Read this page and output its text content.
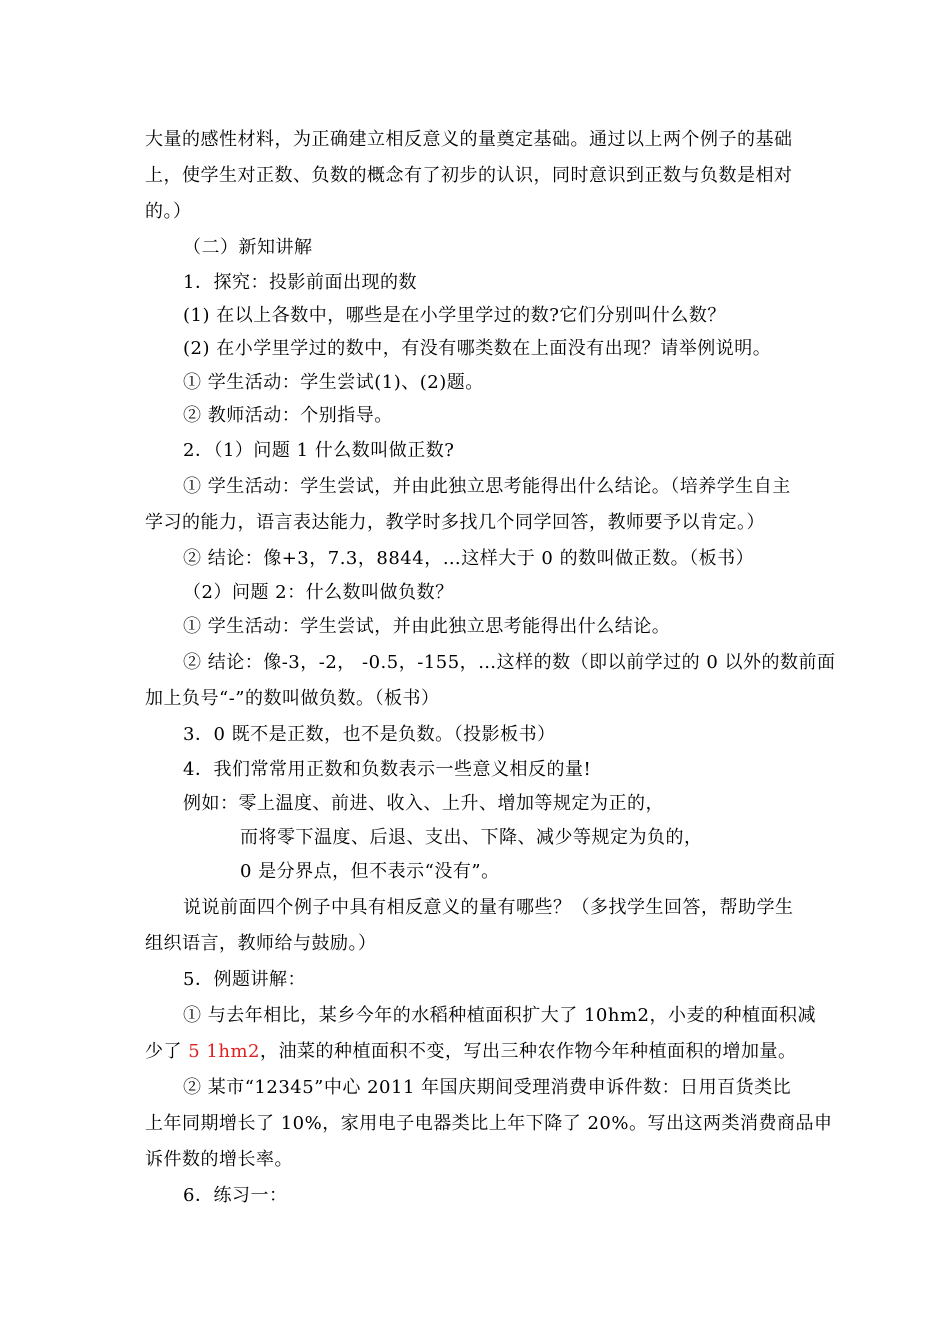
大量的感性材料，为正确建立相反意义的量奠定基础。通过以上两个例子的基础
上，使学生对正数、负数的概念有了初步的认识，同时意识到正数与负数是相对
的。）
（二）新知讲解
1．探究：投影前面出现的数
(1) 在以上各数中，哪些是在小学里学过的数?它们分别叫什么数？
(2) 在小学里学过的数中，有没有哪类数在上面没有出现？请举例说明。
① 学生活动：学生尝试(1)、(2)题。
② 教师活动：个别指导。
2．（1）问题 1 什么数叫做正数?
① 学生活动：学生尝试，并由此独立思考能得出什么结论。（培养学生自主
学习的能力，语言表达能力，教学时多找几个同学回答，教师要予以肯定。）
② 结论：像+3，7.3，8844，…这样大于 0 的数叫做正数。（板书）
（2）问题 2：什么数叫做负数？
① 学生活动：学生尝试，并由此独立思考能得出什么结论。
② 结论：像-3，-2， -0.5，-155，…这样的数（即以前学过的 0 以外的数前面
加上负号“-”的数叫做负数。（板书）
3．0 既不是正数，也不是负数。（投影板书）
4．我们常常用正数和负数表示一些意义相反的量!
例如：零上温度、前进、收入、上升、增加等规定为正的，
而将零下温度、后退、支出、下降、减少等规定为负的，
0 是分界点，但不表示“没有”。
说说前面四个例子中具有相反意义的量有哪些？（多找学生回答，帮助学生
组织语言，教师给与鼓励。）
5．例题讲解：
① 与去年相比，某乡今年的水稻种植面积扩大了 10hm2，小麦的种植面积减
少了 5 1hm2，油菜的种植面积不变，写出三种农作物今年种植面积的增加量。
② 某市“12345”中心 2011 年国庆期间受理消费申诉件数：日用百货类比
上年同期增长了 10%，家用电子电器类比上年下降了 20%。写出这两类消费商品申
诉件数的增长率。
6．练习一：
